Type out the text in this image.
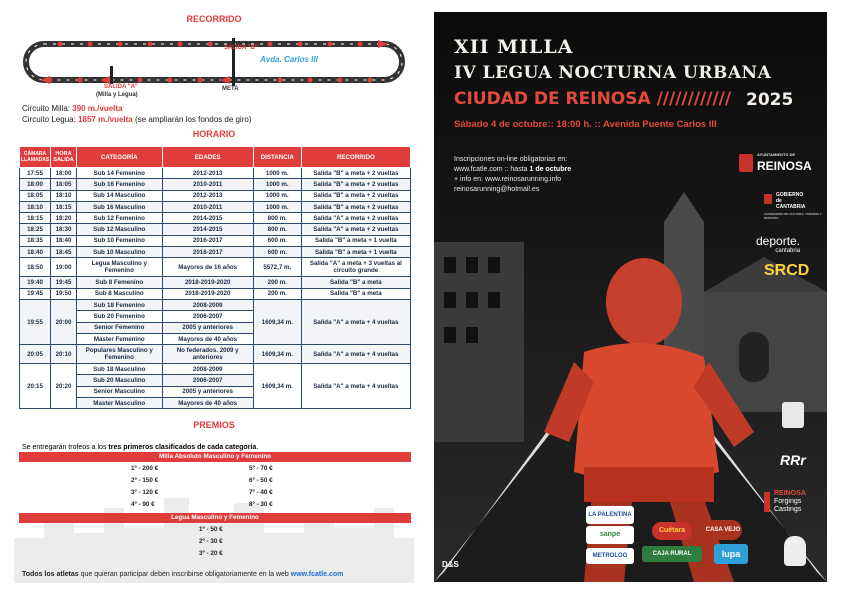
RECORRIDO
SALIDA "B"
Avda. Carlos III
META
SALIDA "A"
(Milla y Legua)
Circuito Milla: 390 m./vuelta
Circuito Legua: 1857 m./vuelta (se ampliarán los fondos de giro)
HORARIO
CÁMARA LLAMADAS	HORA SALIDA	CATEGORÍA	EDADES	DISTANCIA	RECORRIDO
17:55	18:00	Sub 14 Femenino	2012-2013	1000 m.	Salida "B" a meta + 2 vueltas
18:00	18:05	Sub 16 Femenino	2010-2011	1000 m.	Salida "B" a meta + 2 vueltas
18:05	18:10	Sub 14 Masculino	2012-2013	1000 m.	Salida "B" a meta + 2 vueltas
18:10	18:15	Sub 16 Masculino	2010-2011	1000 m.	Salida "B" a meta + 2 vueltas
18:15	18:20	Sub 12 Femenino	2014-2015	800 m.	Salida "A" a meta + 2 vueltas
18:25	18:30	Sub 12 Masculino	2014-2015	800 m.	Salida "A" a meta + 2 vueltas
18:35	18:40	Sub 10 Femenino	2016-2017	600 m.	Salida "B" a meta + 1 vuelta
18:40	18:45	Sub 10 Masculino	2016-2017	600 m.	Salida "B" a meta + 1 vuelta
18:50	19:00	Legua Masculino y Femenino	Mayores de 16 años	5572,7 m.	Salida "A" a meta + 3 vueltas al circuito grande
19:40	19:45	Sub 8 Femenino	2018-2019-2020	200 m.	Salida "B" a meta
19:45	19:50	Sub 8 Masculino	2018-2019-2020	200 m.	Salida "B" a meta
19:55	20:00	Sub 18 Femenino	2008-2009	1609,34 m.	Salida "A" a meta + 4 vueltas
		Sub 20 Femenino	2006-2007		
		Senior Femenino	2005 y anteriores		
		Master Femenino	Mayores de 40 años		
20:05	20:10	Populares Masculino y Femenino	No federados. 2009 y anteriores	1609,34 m.	Salida "A" a meta + 4 vueltas
20:15	20:20	Sub 18 Masculino	2008-2009	1609,34 m.	Salida "A" a meta + 4 vueltas
		Sub 20 Masculino	2006-2007		
		Senior Masculino	2005 y anteriores		
		Master Masculino	Mayores de 40 años		
PREMIOS
Se entregarán trofeos a los tres primeros clasificados de cada categoría.
Milla Absoluto Masculino y Femenino
1º - 200 €
2º - 150 €
3º - 120 €
4º - 90 €
5º - 70 €
6º - 50 €
7º - 40 €
8º - 30 €
Legua Masculino y Femenino
1º - 50 €
2º - 30 €
3º - 20 €
Todos los atletas que quieran participar deben inscribirse obligatoriamente en la web www.fcatle.com
XII MILLA
IV LEGUA NOCTURNA URBANA
CIUDAD DE REINOSA //////////// 2025
Sábado 4 de octubre:: 18:00 h. :: Avenida Puente Carlos III
Inscripciones on-line obligatorias en:
www.fcatle.com :: hasta 1 de octubre
+ info en: www.reinosarunning.info
reinosarunning@hotmail.es
AYUNTAMIENTO DE
REINOSA
GOBIERNO
de
CANTABRIA
CONSEJERÍA DE CULTURA, TURISMO Y DEPORTE
deporte.
cantabria
SRCD
RRr
REINOSA
Forgings
Castings
LA PALENTINA
Cuétara	CASA VEJO
sanpe
CAJA RURAL
METROLOG	lupa
D&S
